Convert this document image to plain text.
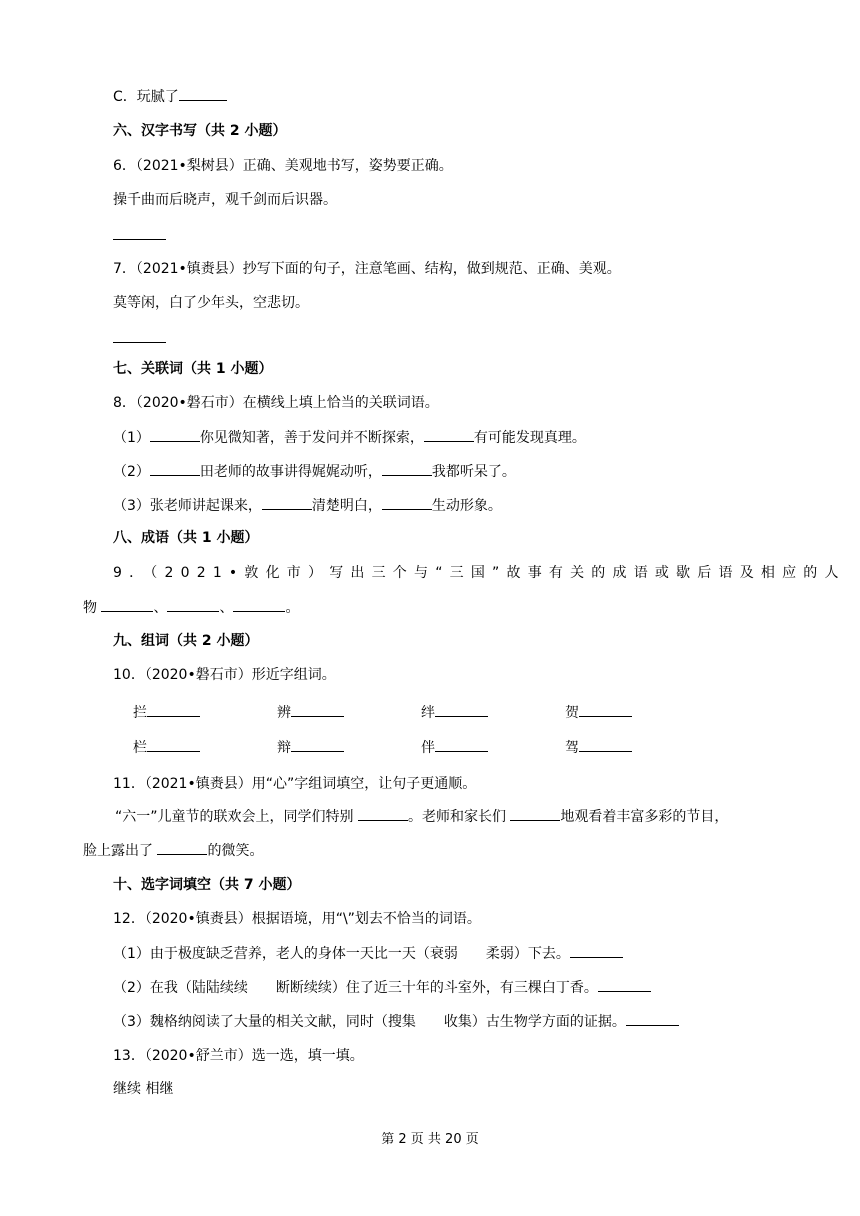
C．玩腻了
六、汉字书写（共 2 小题）
6．（2021•梨树县）正确、美观地书写，姿势要正确。
操千曲而后晓声，观千剑而后识器。
7．（2021•镇赉县）抄写下面的句子，注意笔画、结构，做到规范、正确、美观。
莫等闲，白了少年头，空悲切。
七、关联词（共 1 小题）
8．（2020•磐石市）在横线上填上恰当的关联词语。
（1）	你见微知著，善于发问并不断探索，	有可能发现真理。
（2）	田老师的故事讲得娓娓动听，	我都听呆了。
（3）张老师讲起课来，	清楚明白，	生动形象。
八、成语（共 1 小题）
9．（2021•敦化市）写出三个与“三国”故事有关的成语或歇后语及相应的人
物	、	、	。
九、组词（共 2 小题）
10．（2020•磐石市）形近字组词。
拦	辨	绊	贺
栏	辩	伴	驾
11．（2021•镇赉县）用“心”字组词填空，让句子更通顺。
“六一”儿童节的联欢会上，同学们特别	。老师和家长们	地观看着丰富多彩的节目，
脸上露出了	的微笑。
十、选字词填空（共 7 小题）
12．（2020•镇赉县）根据语境，用“\”划去不恰当的词语。
（1）由于极度缺乏营养，老人的身体一天比一天（衰弱　　柔弱）下去。
（2）在我（陆陆续续　　断断续续）住了近三十年的斗室外，有三棵白丁香。
（3）魏格纳阅读了大量的相关文献，同时（搜集　　收集）古生物学方面的证据。
13．（2020•舒兰市）选一选，填一填。
继续 相继
第 2 页 共 20 页
